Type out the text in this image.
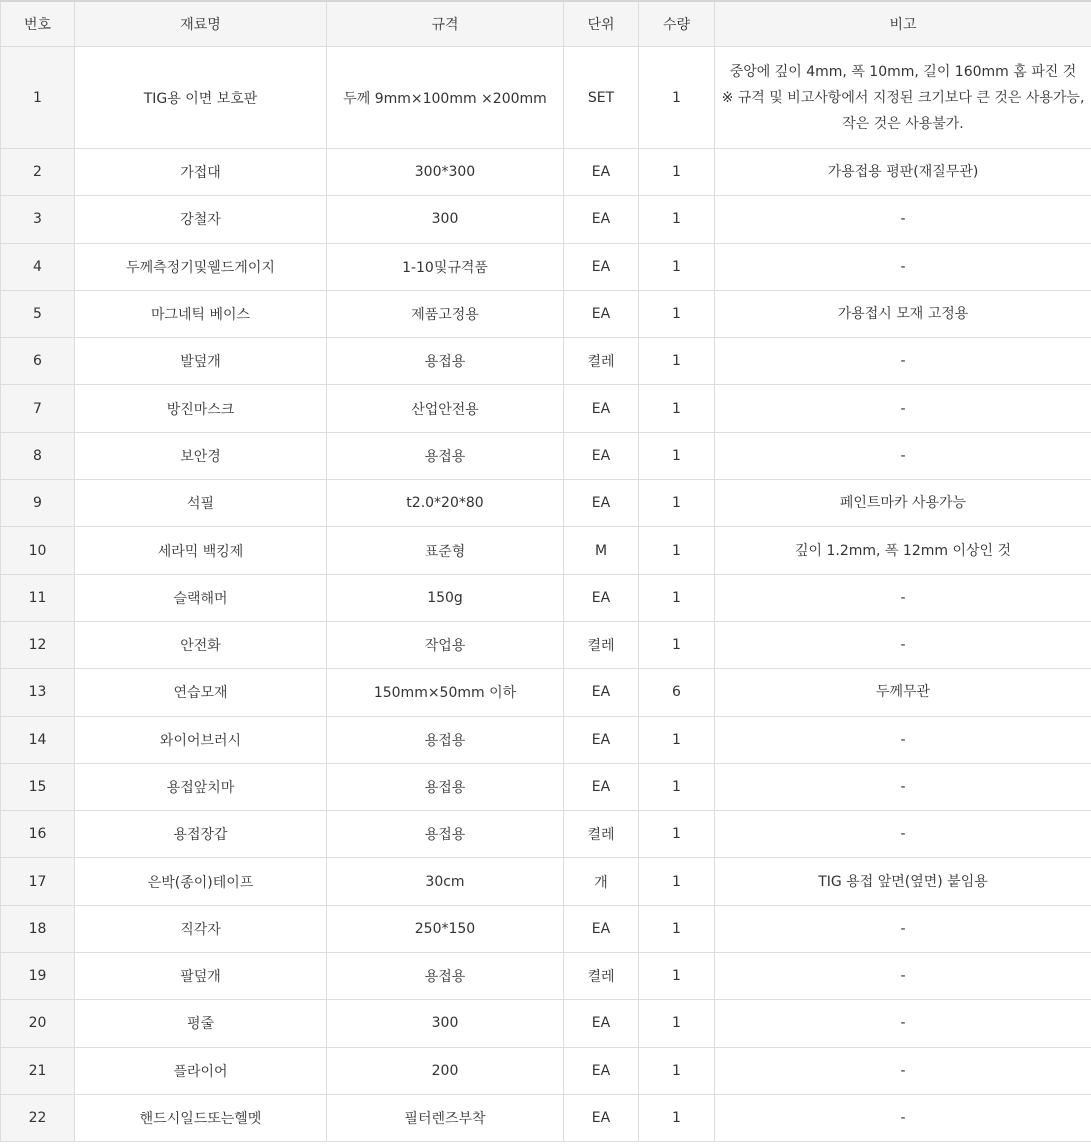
번호	재료명	규격	단위	수량	비고
1	TIG용 이면 보호판	두께 9mm×100mm ×200mm	SET	1	중앙에 깊이 4mm, 폭 10mm, 길이 160mm 홈 파진 것
※ 규격 및 비고사항에서 지정된 크기보다 큰 것은 사용가능, 작은 것은 사용불가.
2	가접대	300*300	EA	1	가용접용 평판(재질무관)
3	강철자	300	EA	1	-
4	두께측정기및웰드게이지	1-10및규격품	EA	1	-
5	마그네틱 베이스	제품고정용	EA	1	가용접시 모재 고정용
6	발덮개	용접용	켤레	1	-
7	방진마스크	산업안전용	EA	1	-
8	보안경	용접용	EA	1	-
9	석필	t2.0*20*80	EA	1	페인트마카 사용가능
10	세라믹 백킹제	표준형	M	1	깊이 1.2mm, 폭 12mm 이상인 것
11	슬랙해머	150g	EA	1	-
12	안전화	작업용	켤레	1	-
13	연습모재	150mm×50mm 이하	EA	6	두께무관
14	와이어브러시	용접용	EA	1	-
15	용접앞치마	용접용	EA	1	-
16	용접장갑	용접용	켤레	1	-
17	은박(종이)테이프	30cm	개	1	TIG 용접 앞면(옆면) 붙임용
18	직각자	250*150	EA	1	-
19	팔덮개	용접용	켤레	1	-
20	평줄	300	EA	1	-
21	플라이어	200	EA	1	-
22	핸드시일드또는헬멧	필터렌즈부착	EA	1	-
